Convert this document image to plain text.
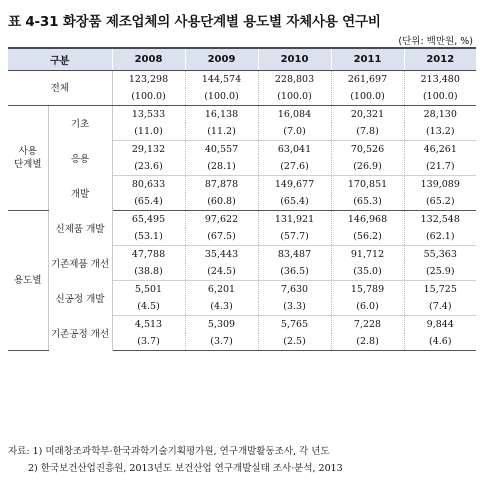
표 4-31 화장품 제조업체의 사용단계별 용도별 자체사용 연구비
(단위: 백만원, %)
구분		2008	2009	2010	2011	2012
전체		123,298	144,574	228,803	261,697	213,480
		(100.0)	(100.0)	(100.0)	(100.0)	(100.0)
사용
단계별	기초	13,533	16,138	16,084	20,321	28,130
		(11.0)	(11.2)	(7.0)	(7.8)	(13.2)
	응용	29,132	40,557	63,041	70,526	46,261
		(23.6)	(28.1)	(27.6)	(26.9)	(21.7)
	개발	80,633	87,878	149,677	170,851	139,089
		(65.4)	(60.8)	(65.4)	(65.3)	(65.2)
용도별	신제품 개발	65,495	97,622	131,921	146,968	132,548
		(53.1)	(67.5)	(57.7)	(56.2)	(62.1)
	기존제품 개선	47,788	35,443	83,487	91,712	55,363
		(38.8)	(24.5)	(36.5)	(35.0)	(25.9)
	신공정 개발	5,501	6,201	7,630	15,789	15,725
		(4.5)	(4.3)	(3.3)	(6.0)	(7.4)
	기존공정 개선	4,513	5,309	5,765	7,228	9,844
		(3.7)	(3.7)	(2.5)	(2.8)	(4.6)
자료: 1) 미래창조과학부·한국과학기술기획평가원, 연구개발활동조사, 각 년도
2) 한국보건산업진흥원, 2013년도 보건산업 연구개발실태 조사·분석, 2013
